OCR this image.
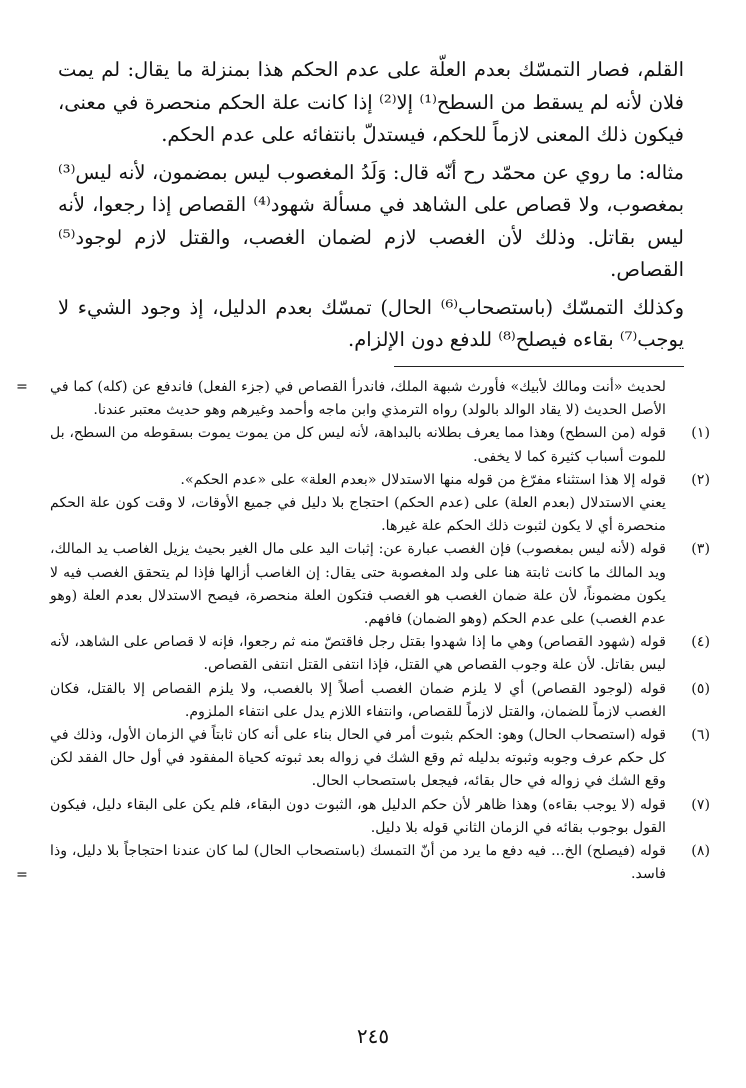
القلم، فصار التمسّك بعدم العلّة على عدم الحكم هذا بمنزلة ما يقال: لم يمت فلان لأنه لم يسقط من السطح⁽¹⁾ إلا⁽²⁾ إذا كانت علة الحكم منحصرة في معنى، فيكون ذلك المعنى لازماً للحكم، فيستدلّ بانتفائه على عدم الحكم.

مثاله: ما روي عن محمّد رح أنّه قال: وَلَدُ المغصوب ليس بمضمون، لأنه ليس⁽³⁾ بمغصوب، ولا قصاص على الشاهد في مسألة شهود⁽⁴⁾ القصاص إذا رجعوا، لأنه ليس بقاتل. وذلك لأن الغصب لازم لضمان الغصب، والقتل لازم لوجود⁽⁵⁾ القصاص.

وكذلك التمسّك (باستصحاب⁽⁶⁾ الحال) تمسّك بعدم الدليل، إذ وجود الشيء لا يوجب⁽⁷⁾ بقاءه فيصلح⁽⁸⁾ للدفع دون الإلزام.

= لحديث «أنت ومالك لأبيك» فأورث شبهة الملك، فاندرأ القصاص في (جزء الفعل) فاندفع عن (كله) كما في الأصل الحديث (لا يقاد الوالد بالولد) رواه الترمذي وابن ماجه وأحمد وغيرهم وهو حديث معتبر عندنا.

(١)

قوله (من السطح) وهذا مما يعرف بطلانه بالبداهة، لأنه ليس كل من يموت يموت بسقوطه من السطح، بل للموت أسباب كثيرة كما لا يخفى.

(٢)

قوله إلا هذا استثناء مفرّغ من قوله منها الاستدلال «بعدم العلة» على «عدم الحكم».

يعني الاستدلال (بعدم العلة) على (عدم الحكم) احتجاج بلا دليل في جميع الأوقات، لا وقت كون علة الحكم منحصرة أي لا يكون لثبوت ذلك الحكم علة غيرها.

(٣)

قوله (لأنه ليس بمغصوب) فإن الغصب عبارة عن: إثبات اليد على مال الغير بحيث يزيل الغاصب يد المالك، ويد المالك ما كانت ثابتة هنا على ولد المغصوبة حتى يقال: إن الغاصب أزالها فإذا لم يتحقق الغصب فيه لا يكون مضموناً، لأن علة ضمان الغصب هو الغصب فتكون العلة منحصرة، فيصح الاستدلال بعدم العلة (وهو عدم الغصب) على عدم الحكم (وهو الضمان) فافهم.

(٤)

قوله (شهود القصاص) وهي ما إذا شهدوا بقتل رجل فاقتصّ منه ثم رجعوا، فإنه لا قصاص على الشاهد، لأنه ليس بقاتل. لأن علة وجوب القصاص هي القتل، فإذا انتفى القتل انتفى القصاص.

(٥)

قوله (لوجود القصاص) أي لا يلزم ضمان الغصب أصلاً إلا بالغصب، ولا يلزم القصاص إلا بالقتل، فكان الغصب لازماً للضمان، والقتل لازماً للقصاص، وانتفاء اللازم يدل على انتفاء الملزوم.

(٦)

قوله (استصحاب الحال) وهو: الحكم بثبوت أمر في الحال بناء على أنه كان ثابتاً في الزمان الأول، وذلك في كل حكم عرف وجوبه وثبوته بدليله ثم وقع الشك في زواله بعد ثبوته كحياة المفقود في أول حال الفقد لكن وقع الشك في زواله في حال بقائه، فيجعل باستصحاب الحال.

(٧)

قوله (لا يوجب بقاءه) وهذا ظاهر لأن حكم الدليل هو، الثبوت دون البقاء، فلم يكن على البقاء دليل، فيكون القول بوجوب بقائه في الزمان الثاني قوله بلا دليل.

(٨)

قوله (فيصلح) الخ... فيه دفع ما يرد من أنّ التمسك (باستصحاب الحال) لما كان عندنا احتجاجاً بلا دليل، وذا فاسد.

=
٢٤٥
